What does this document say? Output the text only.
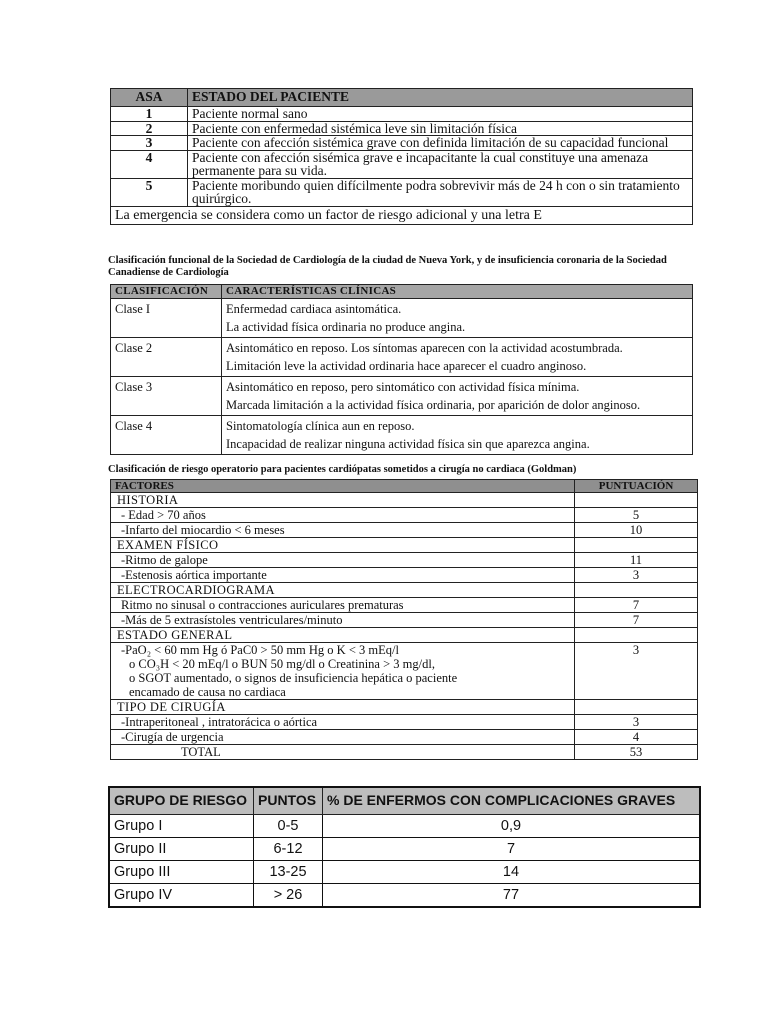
ASA	ESTADO DEL PACIENTE
1	Paciente normal sano
2	Paciente con enfermedad sistémica leve sin limitación física
3	Paciente con afección sistémica grave con definida limitación de su capacidad funcional
4	Paciente con afección sisémica grave e incapacitante la cual constituye una amenaza permanente para su vida.
5	Paciente moribundo quien difícilmente podra sobrevivir más de 24 h con o sin tratamiento quirúrgico.
La emergencia se considera como un factor de riesgo adicional y una letra E	
Clasificación funcional de la Sociedad de Cardiología de la ciudad de Nueva York, y de insuficiencia coronaria de la Sociedad Canadiense de Cardiología
CLASIFICACIÓN	CARACTERÍSTICAS CLÍNICAS
Clase I	Enfermedad cardiaca asintomática.
La actividad física ordinaria no produce angina.

Clase 2	Asintomático en reposo. Los síntomas aparecen con la actividad acostumbrada.
Limitación leve la actividad ordinaria hace aparecer el cuadro anginoso.

Clase 3	Asintomático en reposo, pero sintomático con actividad física mínima.
Marcada limitación a la actividad física ordinaria, por aparición de dolor anginoso.

Clase 4	Sintomatología clínica aun en reposo.
Incapacidad de realizar ninguna actividad física sin que aparezca angina.
Clasificación de riesgo operatorio para pacientes cardiópatas sometidos a cirugía no cardiaca (Goldman)
FACTORES	PUNTUACIÓN
HISTORIA	
- Edad > 70 años	5
-Infarto del miocardio < 6 meses	10
EXAMEN FÍSICO	
-Ritmo de galope	11
-Estenosis aórtica importante	3
ELECTROCARDIOGRAMA	
Ritmo no sinusal o contracciones auriculares prematuras	7
-Más de 5 extrasístoles ventriculares/minuto	7
ESTADO GENERAL	

-PaO₂ < 60 mm Hg ó PaC0 > 50 mm Hg o K < 3 mEq/l
o CO₃H < 20 mEq/l o BUN 50 mg/dl o Creatinina > 3 mg/dl,
o SGOT aumentado, o signos de insuficiencia hepática o paciente
encamado de causa no cardiaca	3
TIPO DE CIRUGÍA	
-Intraperitoneal , intratorácica o aórtica	3
-Cirugía de urgencia	4
TOTAL	53
GRUPO DE RIESGO	PUNTOS	% DE ENFERMOS CON COMPLICACIONES GRAVES
Grupo I	0-5	0,9
Grupo II	6-12	7
Grupo III	13-25	14
Grupo IV	> 26	77
